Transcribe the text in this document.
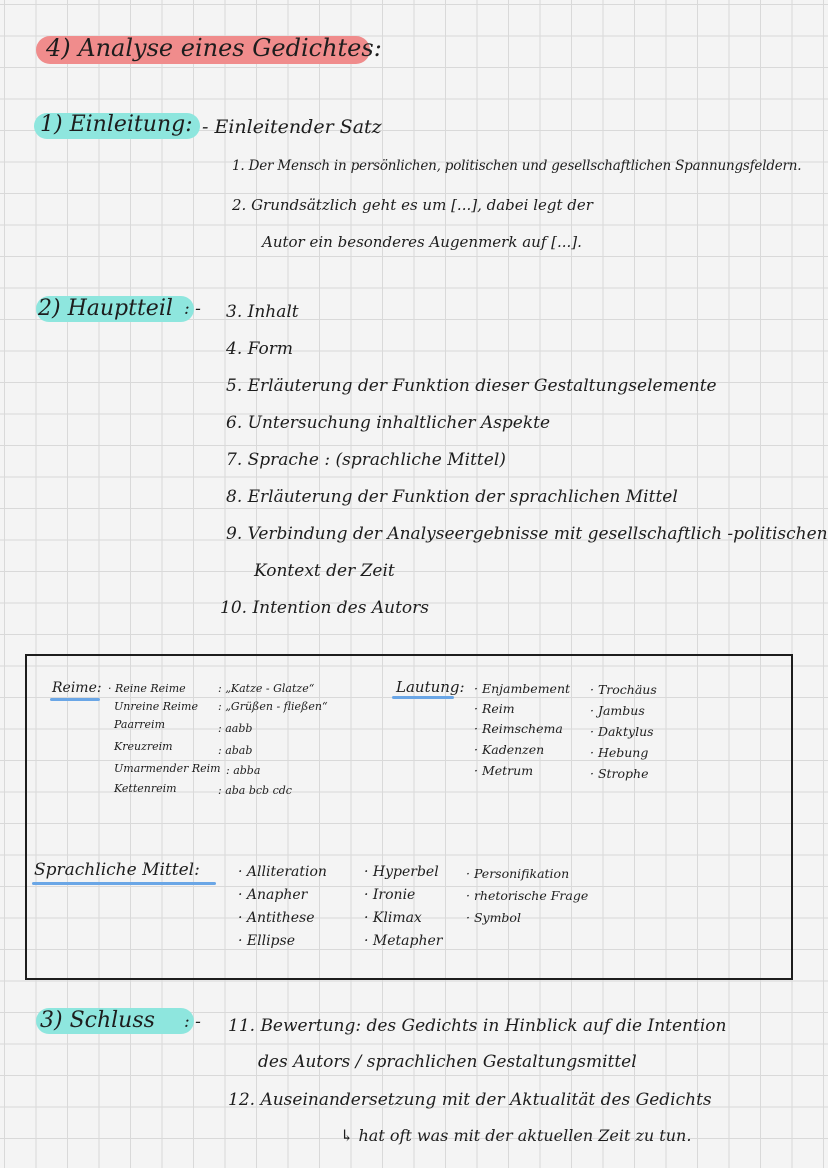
4) Analyse eines Gedichtes:
1) Einleitung: - Einleitender Satz
1. Der Mensch in persönlichen, politischen und gesellschaftlichen Spannungsfeldern.
2. Grundsätzlich geht es um [...], dabei legt der
Autor ein besonderes Augenmerk auf [...].
2) Hauptteil : - 3. Inhalt
4. Form
5. Erläuterung der Funktion dieser Gestaltungselemente
6. Untersuchung inhaltlicher Aspekte
7. Sprache : (sprachliche Mittel)
8. Erläuterung der Funktion der sprachlichen Mittel
9. Verbindung der Analyseergebnisse mit gesellschaftlich -politischen
Kontext der Zeit
10. Intention des Autors
Reime: · Reine Reime
Unreine Reime
Paarreim
Kreuzreim
Umarmender Reim
Kettenreim
: „Katze - Glatze“
: „Grüßen - fließen“
: aabb
: abab
: abba
: aba bcb cdc
Lautung: · Enjambement
· Reim
· Reimschema
· Kadenzen
· Metrum
· Trochäus
· Jambus
· Daktylus
· Hebung
· Strophe
Sprachliche Mittel:	· Alliteration
· Anapher
· Antithese
· Ellipse
· Hyperbel
· Ironie
· Klimax
· Metapher
· Personifikation
· rhetorische Frage
· Symbol
3) Schluss : - 11. Bewertung: des Gedichts in Hinblick auf die Intention
des Autors / sprachlichen Gestaltungsmittel
12. Auseinandersetzung mit der Aktualität des Gedichts
↳ hat oft was mit der aktuellen Zeit zu tun.
